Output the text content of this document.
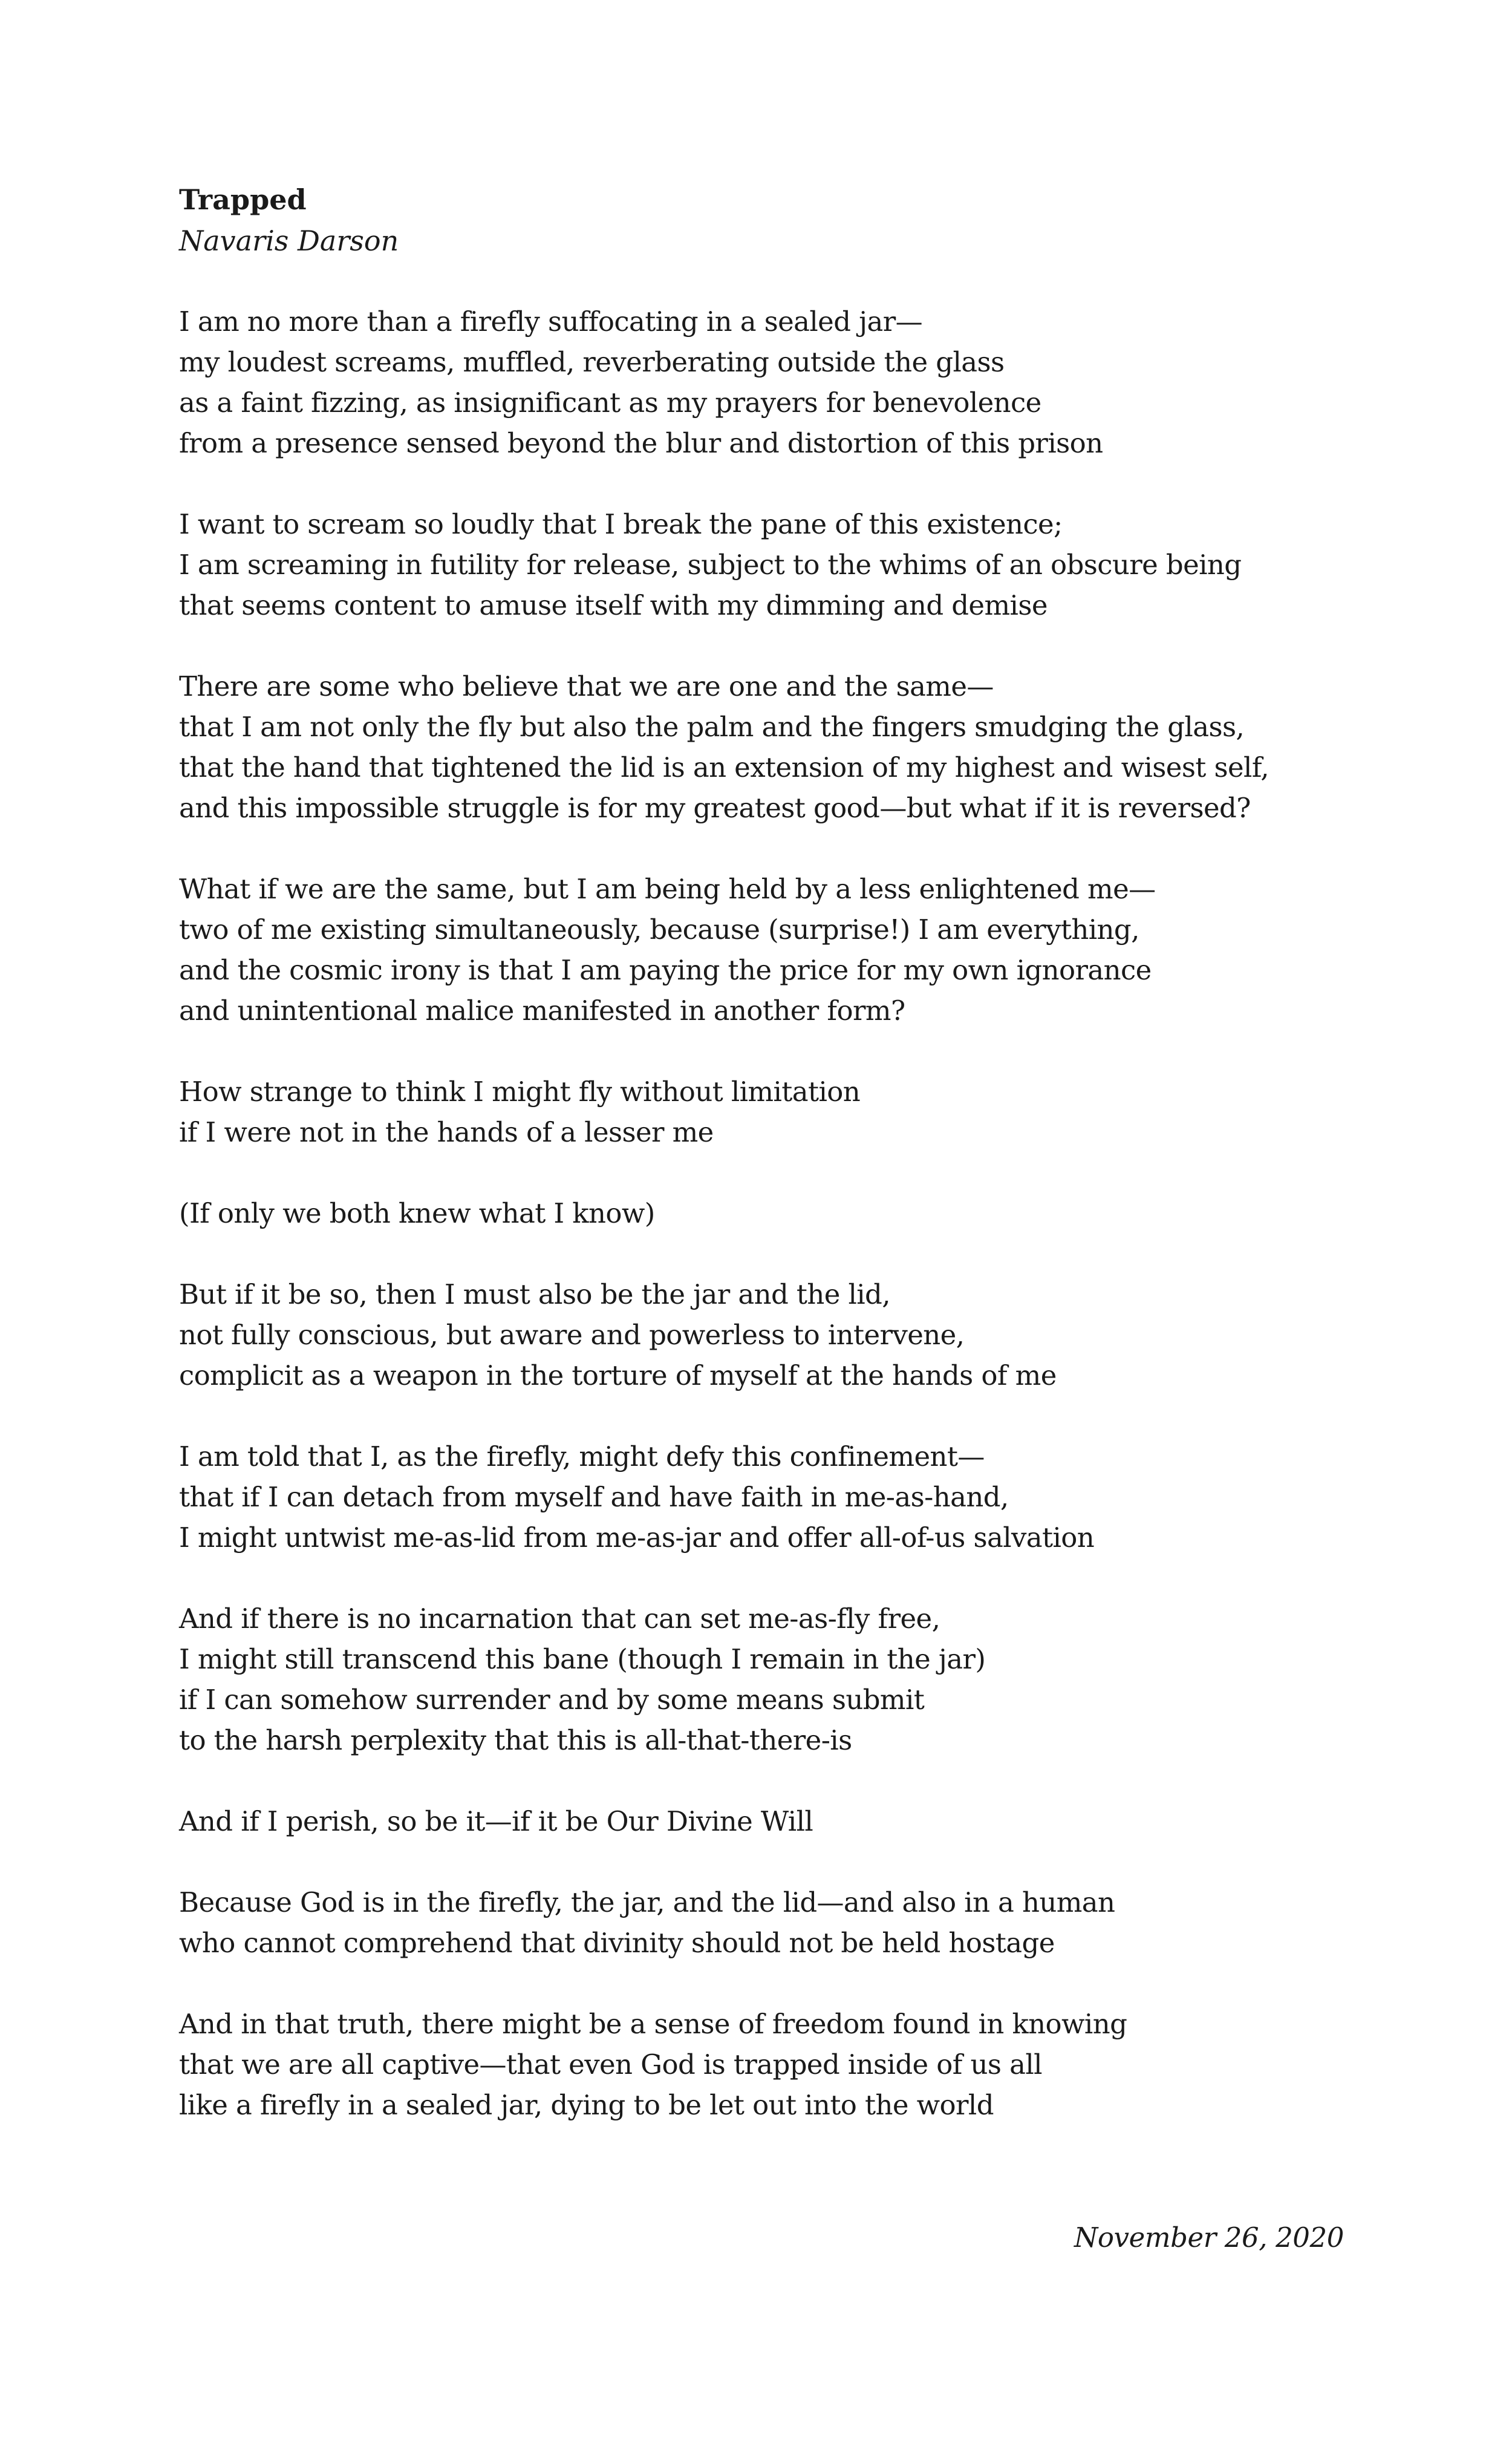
Trapped
Navaris Darson
I am no more than a firefly suffocating in a sealed jar—
my loudest screams, muffled, reverberating outside the glass
as a faint fizzing, as insignificant as my prayers for benevolence
from a presence sensed beyond the blur and distortion of this prison
I want to scream so loudly that I break the pane of this existence;
I am screaming in futility for release, subject to the whims of an obscure being
that seems content to amuse itself with my dimming and demise
There are some who believe that we are one and the same—
that I am not only the fly but also the palm and the fingers smudging the glass,
that the hand that tightened the lid is an extension of my highest and wisest self,
and this impossible struggle is for my greatest good—but what if it is reversed?
What if we are the same, but I am being held by a less enlightened me—
two of me existing simultaneously, because (surprise!) I am everything,
and the cosmic irony is that I am paying the price for my own ignorance
and unintentional malice manifested in another form?
How strange to think I might fly without limitation
if I were not in the hands of a lesser me
(If only we both knew what I know)
But if it be so, then I must also be the jar and the lid,
not fully conscious, but aware and powerless to intervene,
complicit as a weapon in the torture of myself at the hands of me
I am told that I, as the firefly, might defy this confinement—
that if I can detach from myself and have faith in me-as-hand,
I might untwist me-as-lid from me-as-jar and offer all-of-us salvation
And if there is no incarnation that can set me-as-fly free,
I might still transcend this bane (though I remain in the jar)
if I can somehow surrender and by some means submit
to the harsh perplexity that this is all-that-there-is
And if I perish, so be it—if it be Our Divine Will
Because God is in the firefly, the jar, and the lid—and also in a human
who cannot comprehend that divinity should not be held hostage
And in that truth, there might be a sense of freedom found in knowing
that we are all captive—that even God is trapped inside of us all
like a firefly in a sealed jar, dying to be let out into the world
November 26, 2020
